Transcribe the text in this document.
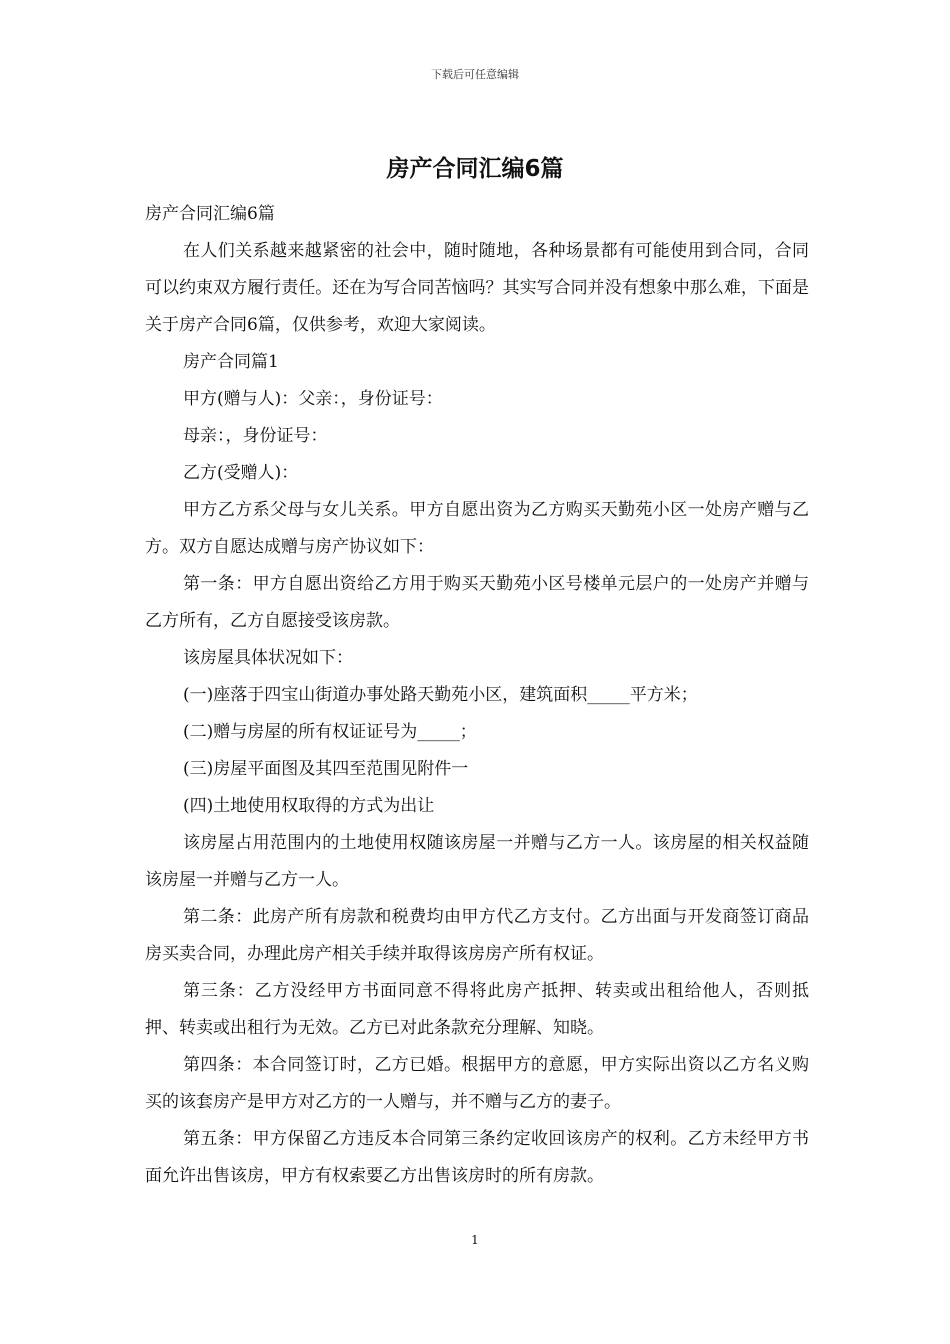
下载后可任意编辑
房产合同汇编6篇

房产合同汇编6篇

在人们关系越来越紧密的社会中，随时随地，各种场景都有可能使用到合同，合同可以约束双方履行责任。还在为写合同苦恼吗？其实写合同并没有想象中那么难，下面是关于房产合同6篇，仅供参考，欢迎大家阅读。

房产合同篇1

甲方(赠与人)：父亲：，身份证号：

母亲：，身份证号：

乙方(受赠人)：

甲方乙方系父母与女儿关系。甲方自愿出资为乙方购买天勤苑小区一处房产赠与乙方。双方自愿达成赠与房产协议如下：

第一条：甲方自愿出资给乙方用于购买天勤苑小区号楼单元层户的一处房产并赠与乙方所有，乙方自愿接受该房款。

该房屋具体状况如下：

(一)座落于四宝山街道办事处路天勤苑小区，建筑面积_____平方米；

(二)赠与房屋的所有权证证号为_____；

(三)房屋平面图及其四至范围见附件一

(四)土地使用权取得的方式为出让

该房屋占用范围内的土地使用权随该房屋一并赠与乙方一人。该房屋的相关权益随该房屋一并赠与乙方一人。

第二条：此房产所有房款和税费均由甲方代乙方支付。乙方出面与开发商签订商品房买卖合同，办理此房产相关手续并取得该房房产所有权证。

第三条：乙方没经甲方书面同意不得将此房产抵押、转卖或出租给他人，否则抵押、转卖或出租行为无效。乙方已对此条款充分理解、知晓。

第四条：本合同签订时，乙方已婚。根据甲方的意愿，甲方实际出资以乙方名义购买的该套房产是甲方对乙方的一人赠与，并不赠与乙方的妻子。

第五条：甲方保留乙方违反本合同第三条约定收回该房产的权利。乙方未经甲方书面允许出售该房，甲方有权索要乙方出售该房时的所有房款。

1
